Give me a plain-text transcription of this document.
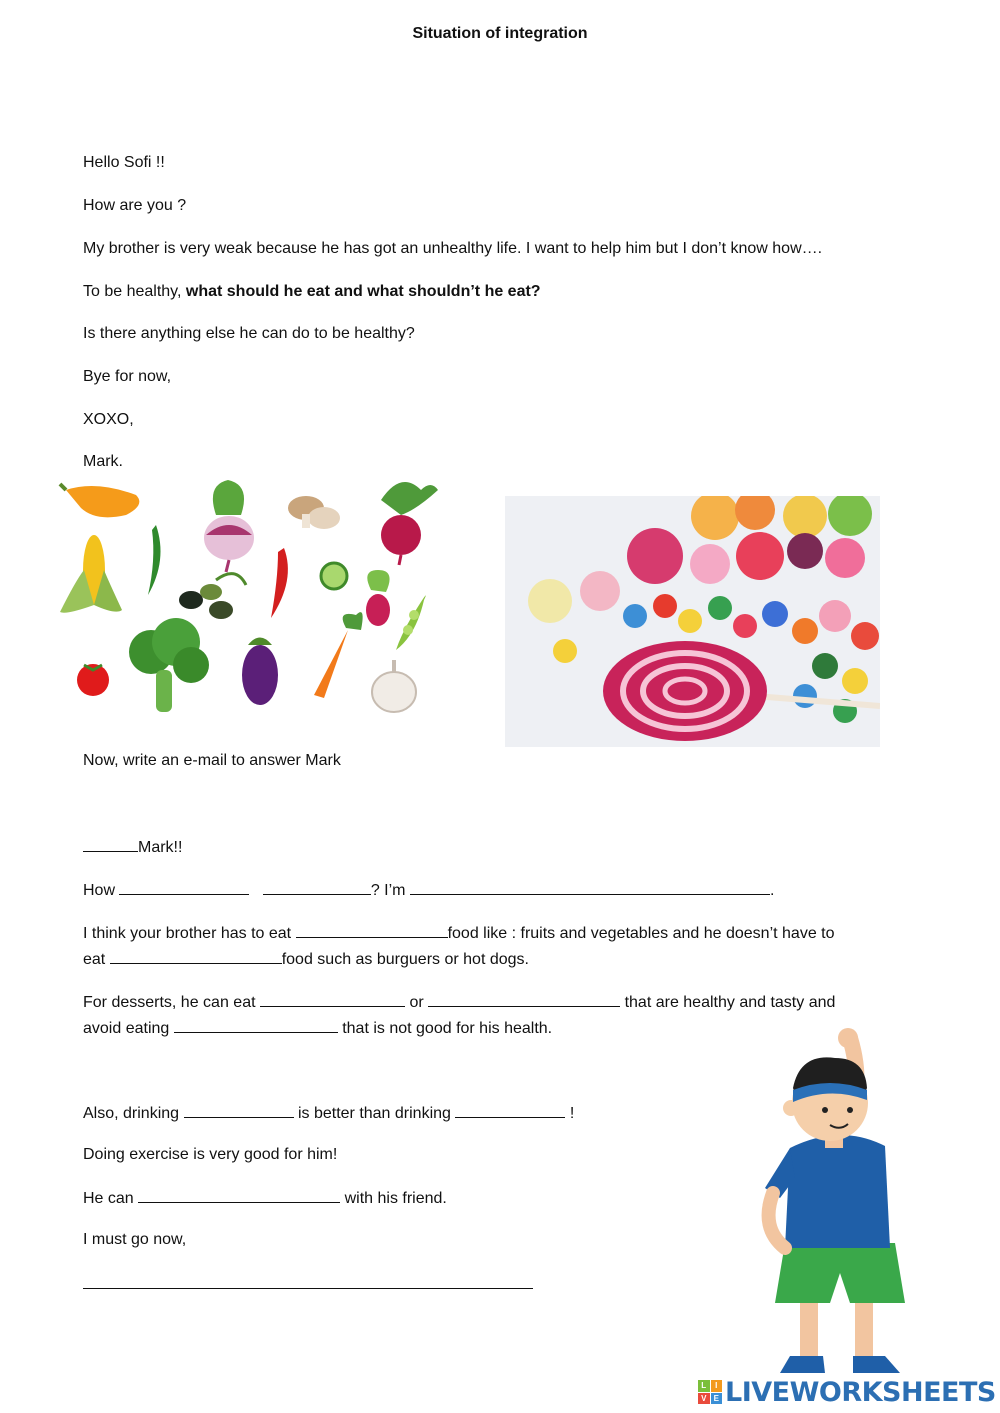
Situation of integration
Hello Sofi !!
How are you ?
My brother is very weak because he has got an unhealthy life. I want to help him but I don’t know how….
To be healthy, what should he eat and what shouldn’t he eat?
Is there anything else he can do to be healthy?
Bye for now,
XOXO,
Mark.
Now, write an e-mail to answer Mark
Mark!!
How	? I’m	.
I think your brother has to eat	food like : fruits and vegetables and he doesn’t have to
eat	food such as burguers or hot dogs.
For desserts, he can eat	or	that are healthy and tasty and
avoid eating	that is not good for his health.
Also, drinking	is better than drinking	!
Doing exercise is very good for him!
He can	with his friend.
I must go now,
L	I
V E LIVEWORKSHEETS
